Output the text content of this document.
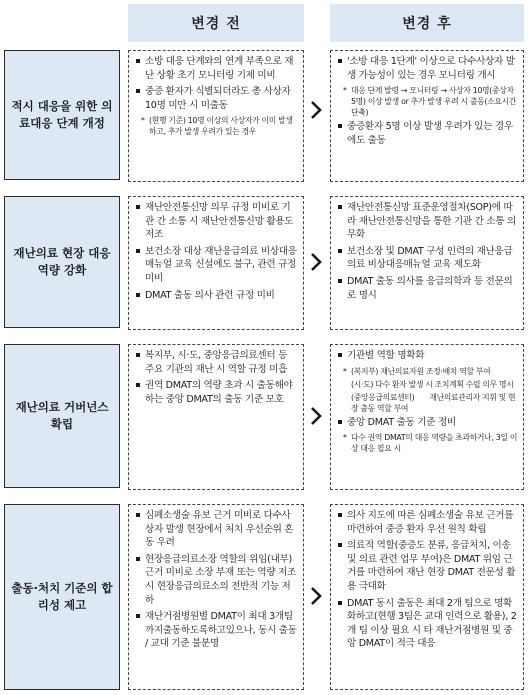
변경 전	변경 후
적시 대응을 위한 의료대응 단계 개정
소방 대응 단계와의 연계 부족으로 재난 상황 초기 모니터링 기제 미비
중증 환자가 식별되더라도 총 사상자 10명 미만 시 미출동
* (현행 기준) 10명 이상의 사상자가 이미 발생하고, 추가 발생 우려가 있는 경우
'소방 대응 1단계' 이상으로 다수사상자 발생 가능성이 있는 경우 모니터링 개시
* 대응 단계 발령 → 모니터링 → 사상자 10명(중상자 5명) 이상 발생 or 추가 발생 우려 시 출동(소요시간 단축)
중증환자 5명 이상 발생 우려가 있는 경우에도 출동
재난의료 현장 대응 역량 강화
재난안전통신망 의무 규정 미비로 기관 간 소통 시 재난안전통신망 활용도 저조
보건소장 대상 재난응급의료 비상대응매뉴얼 교육 신설에도 불구, 관련 규정 미비
DMAT 출동 의사 관련 규정 미비
재난안전통신망 표준운영절차(SOP)에 따라 재난안전통신망을 통한 기관 간 소통 의무화
보건소장 및 DMAT 구성 인력의 재난응급의료 비상대응매뉴얼 교육 제도화
DMAT 출동 의사를 응급의학과 등 전문의로 명시
재난의료 거버넌스 확립
복지부, 시·도, 중앙응급의료센터 등 주요 기관의 재난 시 역할 규정 미흡
권역 DMAT의 역량 초과 시 출동해야 하는 중앙 DMAT의 출동 기준 모호
기관별 역할 명확화
* (복지부) 재난의료자원 조정·배치 역할 부여
(시·도) 다수 환자 발생 시 조치계획 수립 의무 명시
(중앙응급의료센터)　　재난의료관리자 지휘 및 현장 출동 역할 부여
중앙 DMAT 출동 기준 정비
* 다수 권역 DMAT의 대응 역량을 초과하거나, 3일 이상 대응 필요 시
출동·처치 기준의 합리성 제고
심폐소생술 유보 근거 미비로 다수사상자 발생 현장에서 처치 우선순위 혼동 우려
현장응급의료소장 역할의 위임(내부) 근거 미비로 소장 부재 또는 역량 저조 시 현장응급의료소의 전반적 기능 저하
재난거점병원별 DMAT이 최대 3개팀까지출동하도록하고있으나, 동시 출동 / 교대 기준 불분명
의사 지도에 따른 심폐소생술 유보 근거를 마련하여 중증 환자 우선 원칙 확립
의료적 역할(중증도 분류, 응급처치, 이송 및 의료 관련 업무 부여)은 DMAT 위임 근거를 마련하여 재난 현장 DMAT 전문성 활용 극대화
DMAT 동시 출동은 최대 2개 팀으로 명확화하고(현행 3팀은 교대 인력으로 활용), 2개 팀 이상 필요 시 타 재난거점병원 및 중앙 DMAT이 적극 대응
